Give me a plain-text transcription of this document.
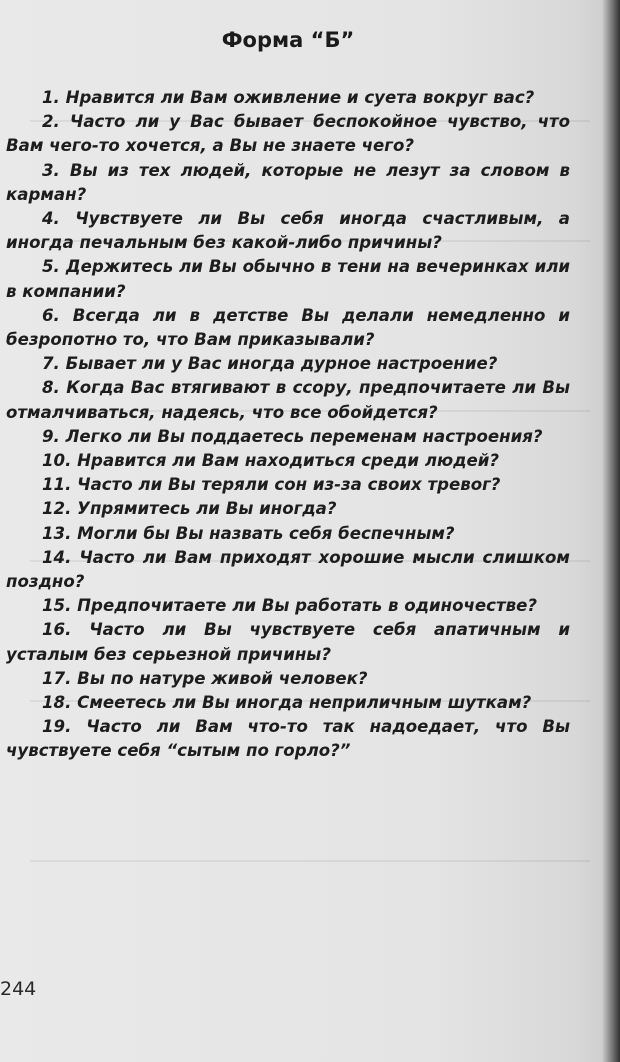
Форма “Б”
1. Нравится ли Вам оживление и суета вокруг вас?
2. Часто ли у Вас бывает беспокойное чувство, что Вам чего-то хочется, а Вы не знаете чего?
3. Вы из тех людей, которые не лезут за словом в карман?
4. Чувствуете ли Вы себя иногда счастливым, а иногда печальным без какой-либо причины?
5. Держитесь ли Вы обычно в тени на вечеринках или в компании?
6. Всегда ли в детстве Вы делали немедленно и безропотно то, что Вам приказывали?
7. Бывает ли у Вас иногда дурное настроение?
8. Когда Вас втягивают в ссору, предпочитаете ли Вы отмалчиваться, надеясь, что все обойдется?
9. Легко ли Вы поддаетесь переменам настроения?
10. Нравится ли Вам находиться среди людей?
11. Часто ли Вы теряли сон из-за своих тревог?
12. Упрямитесь ли Вы иногда?
13. Могли бы Вы назвать себя беспечным?
14. Часто ли Вам приходят хорошие мысли слишком поздно?
15. Предпочитаете ли Вы работать в одиночестве?
16. Часто ли Вы чувствуете себя апатичным и усталым без серьезной причины?
17. Вы по натуре живой человек?
18. Смеетесь ли Вы иногда неприличным шуткам?
19. Часто ли Вам что-то так надоедает, что Вы чувствуете себя “сытым по горло?”
244
